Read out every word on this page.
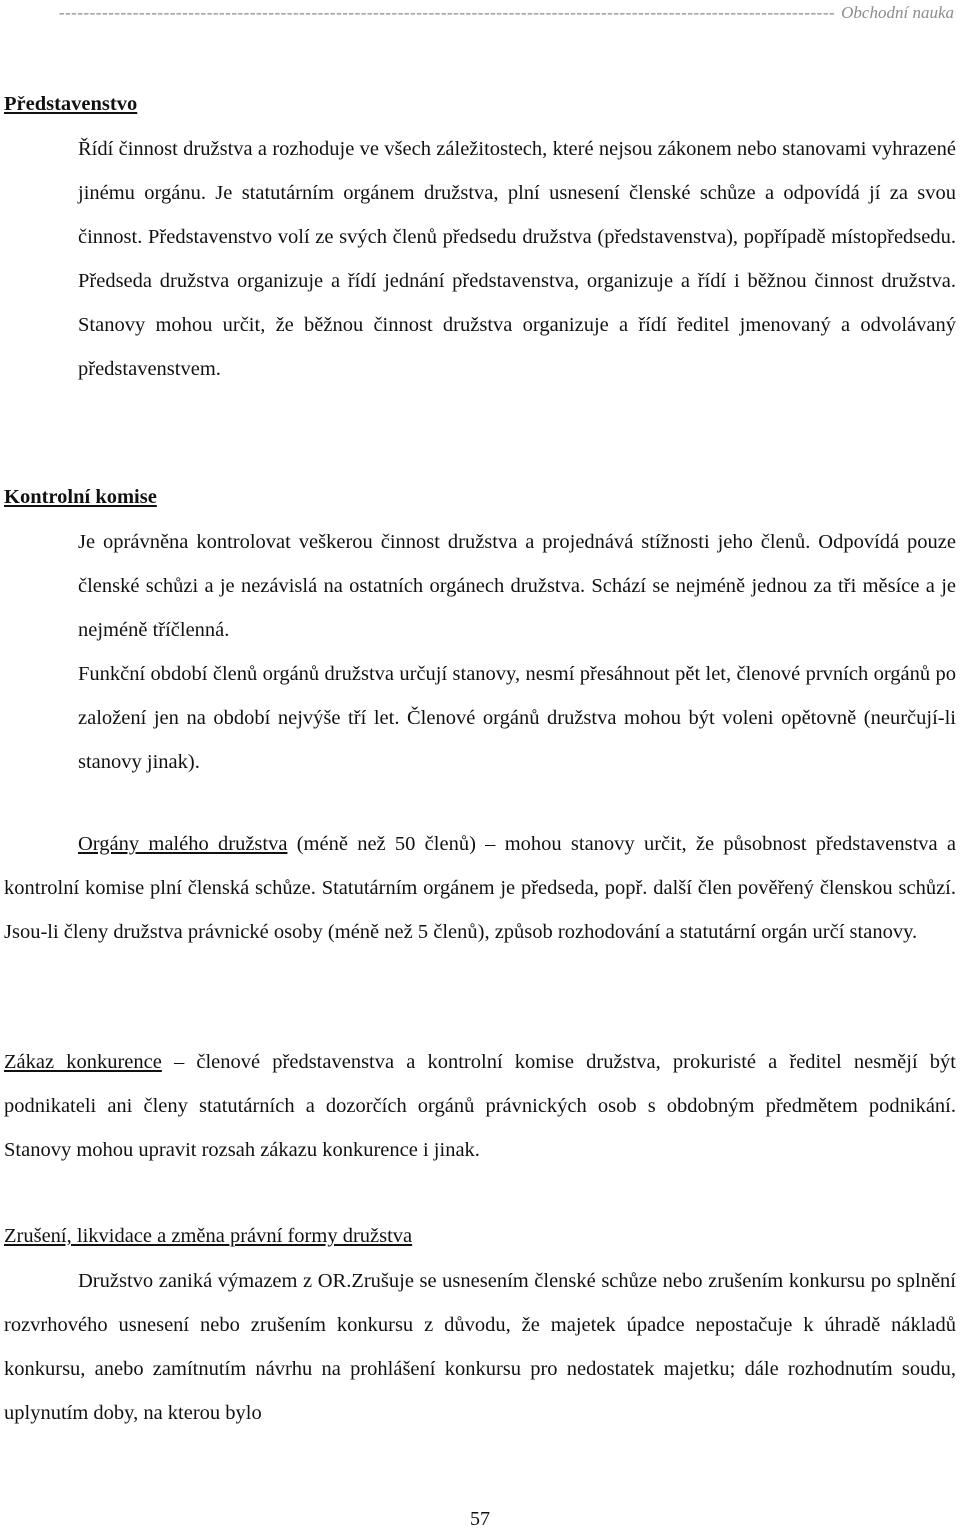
------------------------------------------------------------------------------------------------------------------------------ Obchodní nauka
Představenstvo

Řídí činnost družstva a rozhoduje ve všech záležitostech, které nejsou zákonem nebo stanovami vyhrazené jinému orgánu. Je statutárním orgánem družstva, plní usnesení členské schůze a odpovídá jí za svou činnost. Představenstvo volí ze svých členů předsedu družstva (představenstva), popřípadě místopředsedu. Předseda družstva organizuje a řídí jednání představenstva, organizuje a řídí i běžnou činnost družstva. Stanovy mohou určit, že běžnou činnost družstva organizuje a řídí ředitel jmenovaný a odvolávaný představenstvem.

Kontrolní komise

Je oprávněna kontrolovat veškerou činnost družstva a projednává stížnosti jeho členů. Odpovídá pouze členské schůzi a je nezávislá na ostatních orgánech družstva. Schází se nejméně jednou za tři měsíce a je nejméně tříčlenná.

Funkční období členů orgánů družstva určují stanovy, nesmí přesáhnout pět let, členové prvních orgánů po založení jen na období nejvýše tří let. Členové orgánů družstva mohou být voleni opětovně (neurčují-li stanovy jinak).

Orgány malého družstva (méně než 50 členů) – mohou stanovy určit, že působnost představenstva a kontrolní komise plní členská schůze. Statutárním orgánem je předseda, popř. další člen pověřený členskou schůzí. Jsou-li členy družstva právnické osoby (méně než 5 členů), způsob rozhodování a statutární orgán určí stanovy.

Zákaz konkurence – členové představenstva a kontrolní komise družstva, prokuristé a ředitel nesmějí být podnikateli ani členy statutárních a dozorčích orgánů právnických osob s obdobným předmětem podnikání. Stanovy mohou upravit rozsah zákazu konkurence i jinak.

Zrušení, likvidace a změna právní formy družstva

Družstvo zaniká výmazem z OR.Zrušuje se usnesením členské schůze nebo zrušením konkursu po splnění rozvrhového usnesení nebo zrušením konkursu z důvodu, že majetek úpadce nepostačuje k úhradě nákladů konkursu, anebo zamítnutím návrhu na prohlášení konkursu pro nedostatek majetku; dále rozhodnutím soudu, uplynutím doby, na kterou bylo

57
